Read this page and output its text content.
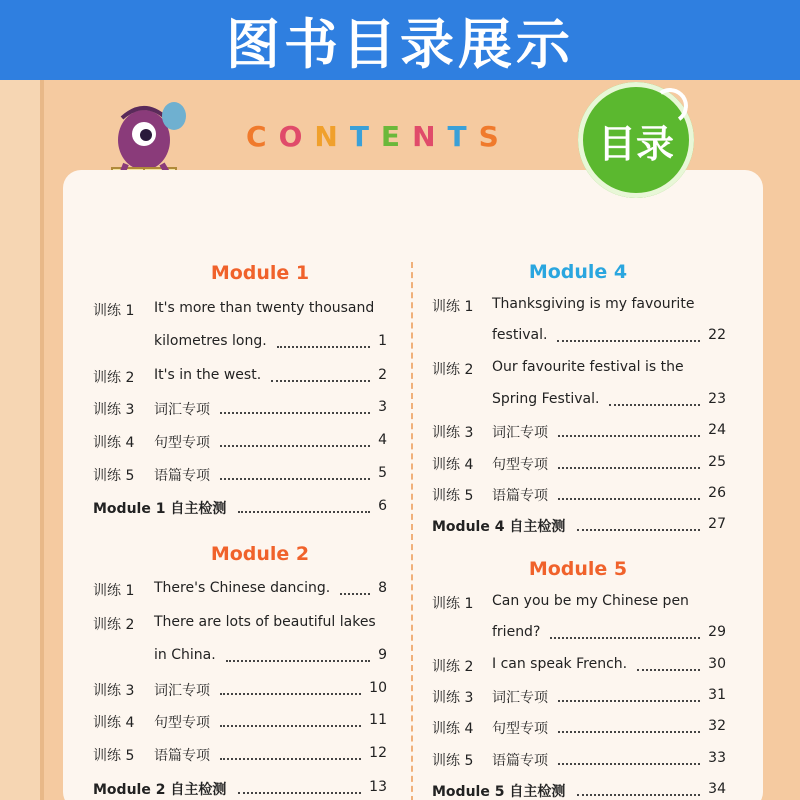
图书目录展示
CONTENTS 目录
Module 1
训练 1	It's more than twenty thousand
kilometres long.	1
训练 2	It's in the west.	2
训练 3	词汇专项	3
训练 4	句型专项	4
训练 5	语篇专项	5
Module 1 自主检测	6
Module 2
训练 1	There's Chinese dancing.	8
训练 2	There are lots of beautiful lakes
in China.	9
训练 3	词汇专项	10
训练 4	句型专项	11
训练 5	语篇专项	12
Module 2 自主检测	13
Module 4
训练 1	Thanksgiving is my favourite
festival.	22
训练 2	Our favourite festival is the
Spring Festival.	23
训练 3	词汇专项	24
训练 4	句型专项	25
训练 5	语篇专项	26
Module 4 自主检测	27
Module 5
训练 1	Can you be my Chinese pen
friend?	29
训练 2	I can speak French.	30
训练 3	词汇专项	31
训练 4	句型专项	32
训练 5	语篇专项	33
Module 5 自主检测	34
